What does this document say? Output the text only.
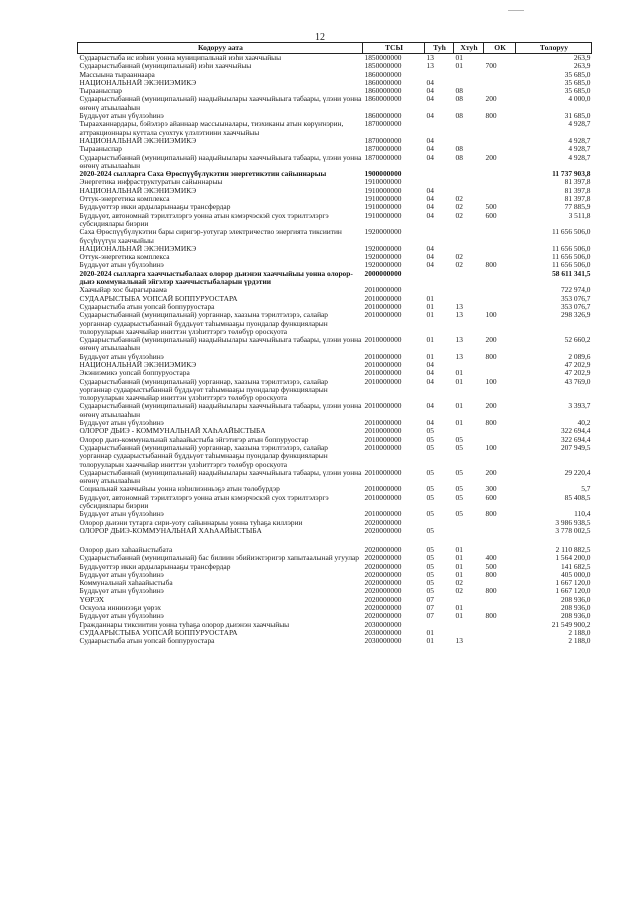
12
Кодоруу аата	ТСЫ	Туһ	Хтуһ	ОК	Толоруу
Судаарыстыба ис иэһин уонна муниципальнай иэһи хааччыйыы	1850000000	13	01		263,9
Судаарыстыбаннай (муниципальнай) иэһи хааччыйыы	1850000000	13	01	700	263,9
Массыына тырааннаара	1860000000				35 685,0
НАЦИОНАЛЬНАЙ ЭКЭНИЭМИКЭ	1860000000	04			35 685,0
Тырааныспар	1860000000	04	08		35 685,0
Судаарыстыбаннай (муниципальнай) наадыйыылары хааччыйыыга табаары, үлэни уонна өҥөнү атыылааһын	1860000000	04	08	200	4 000,0
Бүддьүөт атын үбүлээһинэ	1860000000	04	08	800	31 685,0
Тырааханнардары, бэйэлэрэ айаннаар массыыналары, тиэхиканы атын көрүҥнэрин, аттракционнары куттала суохтук үлэлэтиини хааччыйыы	1870000000				4 928,7
НАЦИОНАЛЬНАЙ ЭКЭНИЭМИКЭ	1870000000	04			4 928,7
Тырааныспар	1870000000	04	08		4 928,7
Судаарыстыбаннай (муниципальнай) наадыйыылары хааччыйыыга табаары, үлэни уонна өҥөнү атыылааһын	1870000000	04	08	200	4 928,7
2020-2024 сылларга Саха Өрөспүүбүлүкэтин энергетикэтин сайыннарыы	1900000000				11 737 903,8
Энергетика инфраструктуратын сайыннарыы	1910000000				81 397,8
НАЦИОНАЛЬНАЙ ЭКЭНИЭМИКЭ	1910000000	04			81 397,8
Оттук-энергетика комплекса	1910000000	04	02		81 397,8
Бүддьүөттэр икки ардыларынааҕы трансфердар	1910000000	04	02	500	77 885,9
Бүддьүөт, автономнай тэрилтэлэргэ уонна атын кэмэрчэскэй суох тэрилтэлэргэ субсидиялары биэрии	1910000000	04	02	600	3 511,8
Саха Өрөспүүбүлүкэтин бары сиригэр-уотугар электричество энергията тиксиитин бүсүһүүтүн хааччыйыы	1920000000				11 656 506,0
НАЦИОНАЛЬНАЙ ЭКЭНИЭМИКЭ	1920000000	04			11 656 506,0
Оттук-энергетика комплекса	1920000000	04	02		11 656 506,0
Бүддьүөт атын үбүлээһинэ	1920000000	04	02	800	11 656 506,0
2020-2024 сылларга хааччыстыбалаах олорор дьиэнэн хааччыйыы уонна олорор-дьиэ коммунальнай эйгэлэр хааччыстыбаларын үрдэтии	2000000000				58 611 341,5
Хаачыйар хос бырагыраама	2010000000				722 974,0
СУДААРЫСТЫБА УОПСАЙ БОППУРУОСТАРА	2010000000	01			353 076,7
Судаарыстыба атын уопсай боппуруостара	2010000000	01	13		353 076,7
Судаарыстыбаннай (муниципальнай) уорганнар, хаазына тэрилтэлэрэ, салайар уорганнар судаарыстыбаннай бүддьүөт таһымнааҕы пуондалар функцияларын толорууларын хааччыйар иниттэн үлэһиттэргэ төлөбүр ороскуота	2010000000	01	13	100	298 326,9
Судаарыстыбаннай (муниципальнай) наадыйыылары хааччыйыыга табаары, үлэни уонна өҥөнү атыылааһын	2010000000	01	13	200	52 660,2
Бүддьүөт атын үбүлээһинэ	2010000000	01	13	800	2 089,6
НАЦИОНАЛЬНАЙ ЭКЭНИЭМИКЭ	2010000000	04			47 202,9
Экэниэмикэ уопсай боппуруостара	2010000000	04	01		47 202,9
Судаарыстыбаннай (муниципальнай) уорганнар, хаазына тэрилтэлэрэ, салайар уорганнар судаарыстыбаннай бүддьүөт таһымнааҕы пуондалар функцияларын толорууларын хааччыйар иниттэн үлэһиттэргэ төлөбүр ороскуота	2010000000	04	01	100	43 769,0
Судаарыстыбаннай (муниципальнай) наадыйыылары хааччыйыыга табаары, үлэни уонна өҥөнү атыылааһын	2010000000	04	01	200	3 393,7
Бүддьүөт атын үбүлээһинэ	2010000000	04	01	800	40,2
ОЛОРОР ДЬИЭ - КОММУНАЛЬНАЙ ХАҺААЙЫСТЫБА	2010000000	05			322 694,4
Олорор дьиэ-коммунальнай хаһаайыстыба эйгэтигэр атын боппуруостар	2010000000	05	05		322 694,4
Судаарыстыбаннай (муниципальнай) уорганнар, хаазына тэрилтэлэрэ, салайар уорганнар судаарыстыбаннай бүддьүөт таһымнааҕы пуондалар функцияларын толорууларын хааччыйар иниттэн үлэһиттэргэ төлөбүр ороскуота	2010000000	05	05	100	207 949,5
Судаарыстыбаннай (муниципальнай) наадыйыылары хааччыйыыга табаары, үлэни уонна өҥөнү атыылааһын	2010000000	05	05	200	29 220,4
Социальнай хааччыйыы уонна нэһилиэнньэҕэ атын төлөбүрдэр	2010000000	05	05	300	5,7
Бүддьүөт, автономнай тэрилтэлэргэ уонна атын кэмэрчэскэй суох тэрилтэлэргэ субсидиялары биэрии	2010000000	05	05	600	85 408,5
Бүддьүөт атын үбүлээһинэ	2010000000	05	05	800	110,4
Олорор дьиэни тутарга сири-уоту сайыннарыы уонна туһаҕа киллэрии	2020000000				3 986 938,5
ОЛОРОР ДЬИЭ-КОММУНАЛЬНАЙ ХАҺААЙЫСТЫБА	2020000000	05			3 778 002,5
Олорор дьиэ хаһаайыстыбата	2020000000	05	01		2 110 882,5
Судаарыстыбаннай (муниципальнай) бас билиин эбийиэктэригэр хапытаалынай угуулар	2020000000	05	01	400	1 564 200,0
Бүддьүөттэр икки ардыларынааҕы трансфердар	2020000000	05	01	500	141 682,5
Бүддьүөт атын үбүлээһинэ	2020000000	05	01	800	405 000,0
Коммунальнай хаһаайыстыба	2020000000	05	02		1 667 120,0
Бүддьүөт атын үбүлээһинэ	2020000000	05	02	800	1 667 120,0
ҮӨРЭХ	2020000000	07			208 936,0
Оскуола иннинээҕи үөрэх	2020000000	07	01		208 936,0
Бүддьүөт атын үбүлээһинэ	2020000000	07	01	800	208 936,0
Гражданнары тиксиитин уонна туһаҕа олорор дьиэнэн хааччыйыы	2030000000				21 549 900,2
СУДААРЫСТЫБА УОПСАЙ БОППУРУОСТАРА	2030000000	01			2 188,0
Судаарыстыба атын уопсай боппуруостара	2030000000	01	13		2 188,0
